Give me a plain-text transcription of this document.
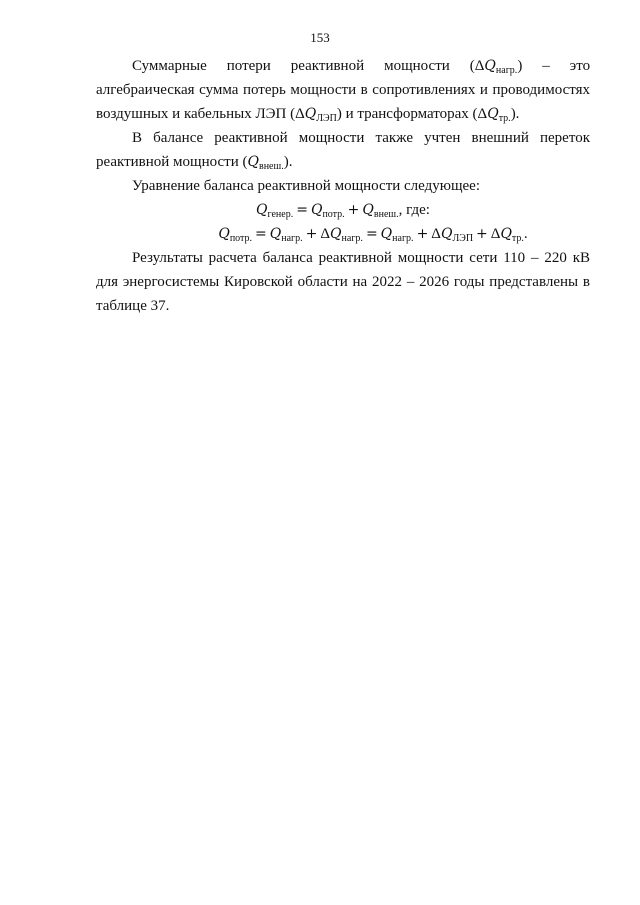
153

Суммарные потери реактивной мощности $(\Delta Q_{нагр.})$ – это

алгебраическая сумма потерь мощности в сопротивлениях и проводимостях

воздушных и кабельных ЛЭП $(\Delta Q_{ЛЭП})$ и трансформаторах $(\Delta Q_{тр.})$.

В балансе реактивной мощности также учтен внешний переток реактивной мощности $(Q_{внеш.})$.

Уравнение баланса реактивной мощности следующее:

$Q_{генер.} = Q_{потр.} + Q_{внеш.}$, где:

$Q_{потр.} = Q_{нагр.} + \Delta Q_{нагр.} = Q_{нагр.} + \Delta Q_{ЛЭП} + \Delta Q_{тр.}$.

Результаты расчета баланса реактивной мощности сети 110 – 220 кВ для энергосистемы Кировской области на 2022 – 2026 годы представлены в таблице 37.
